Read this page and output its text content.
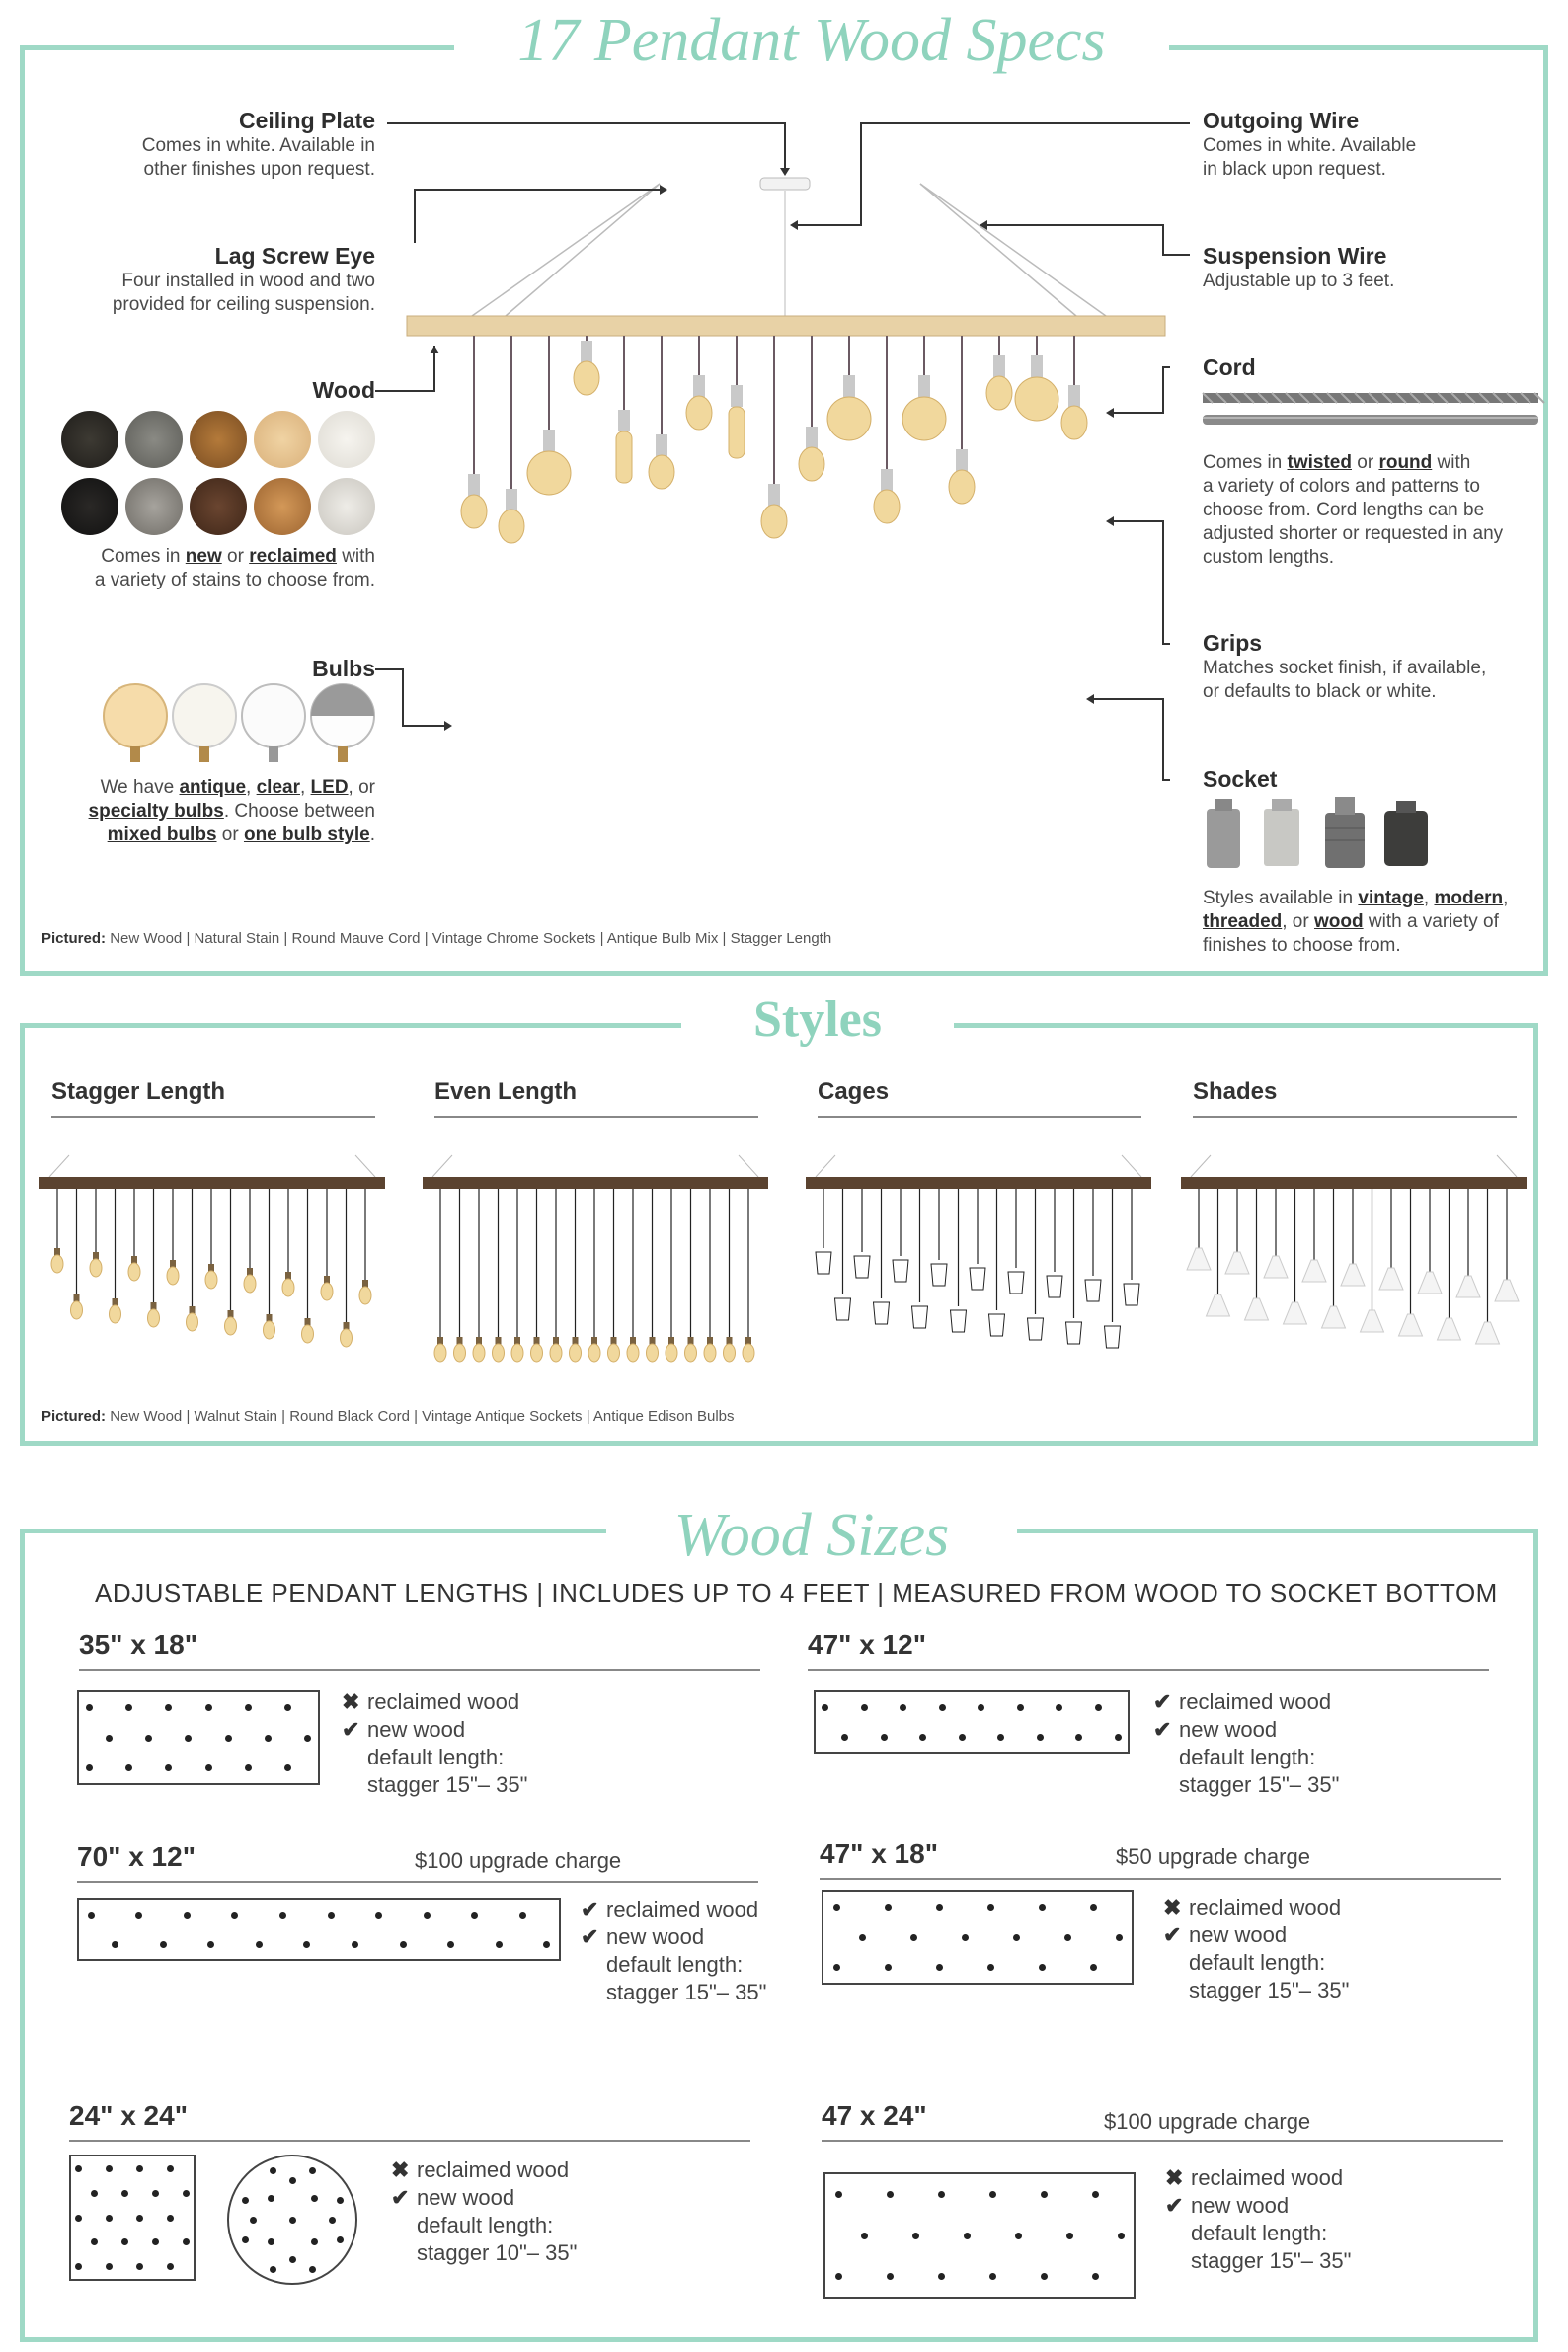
17 Pendant Wood Specs
Ceiling Plate
Comes in white. Available in
other finishes upon request.
Lag Screw Eye
Four installed in wood and two
provided for ceiling suspension.
Wood
Comes in new or reclaimed with
a variety of stains to choose from.
Bulbs
We have antique, clear, LED, or
specialty bulbs. Choose between
mixed bulbs or one bulb style.
Outgoing Wire
Comes in white. Available
in black upon request.
Suspension Wire
Adjustable up to 3 feet.
Cord
Comes in twisted or round with
a variety of colors and patterns to
choose from. Cord lengths can be
adjusted shorter or requested in any
custom lengths.
Grips
Matches socket finish, if available,
or defaults to black or white.
Socket
Styles available in vintage, modern,
threaded, or wood with a variety of
finishes to choose from.
Pictured: New Wood | Natural Stain | Round Mauve Cord | Vintage Chrome Sockets | Antique Bulb Mix | Stagger Length
Styles
Stagger Length	Even Length	Cages	Shades
Pictured: New Wood | Walnut Stain | Round Black Cord | Vintage Antique Sockets | Antique Edison Bulbs
Wood Sizes
ADJUSTABLE PENDANT LENGTHS | INCLUDES UP TO 4 FEET | MEASURED FROM WOOD TO SOCKET BOTTOM
35" x 18"
✖ reclaimed wood
✔ new wood
default length:
stagger 15"– 35"
47" x 12"
✔ reclaimed wood
✔ new wood
default length:
stagger 15"– 35"
70" x 12"	$100 upgrade charge
✔ reclaimed wood
✔ new wood
default length:
stagger 15"– 35"
47" x 18"	$50 upgrade charge
✖ reclaimed wood
✔ new wood
default length:
stagger 15"– 35"
24" x 24"
✖ reclaimed wood
✔ new wood
default length:
stagger 10"– 35"
47 x 24"	$100 upgrade charge
✖ reclaimed wood
✔ new wood
default length:
stagger 15"– 35"
